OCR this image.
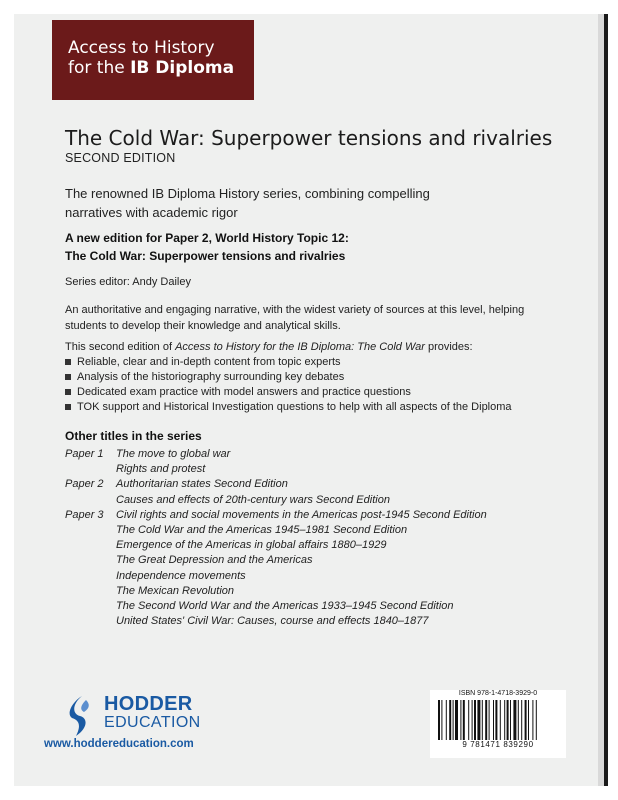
Access to History
for the IB Diploma
The Cold War: Superpower tensions and rivalries
SECOND EDITION
The renowned IB Diploma History series, combining compelling narratives with academic rigor
A new edition for Paper 2, World History Topic 12:
The Cold War: Superpower tensions and rivalries
Series editor: Andy Dailey
An authoritative and engaging narrative, with the widest variety of sources at this level, helping students to develop their knowledge and analytical skills.
This second edition of Access to History for the IB Diploma: The Cold War provides:
Reliable, clear and in-depth content from topic experts
Analysis of the historiography surrounding key debates
Dedicated exam practice with model answers and practice questions
TOK support and Historical Investigation questions to help with all aspects of the Diploma
Other titles in the series
Paper 1	The move to global war
Rights and protest
Paper 2	Authoritarian states Second Edition
Causes and effects of 20th-century wars Second Edition
Paper 3	Civil rights and social movements in the Americas post-1945 Second Edition
The Cold War and the Americas 1945–1981 Second Edition
Emergence of the Americas in global affairs 1880–1929
The Great Depression and the Americas
Independence movements
The Mexican Revolution
The Second World War and the Americas 1933–1945 Second Edition
United States' Civil War: Causes, course and effects 1840–1877
HODDER
EDUCATION
www.hoddereducation.com
ISBN 978-1-4718-3929-0
9 781471 839290
